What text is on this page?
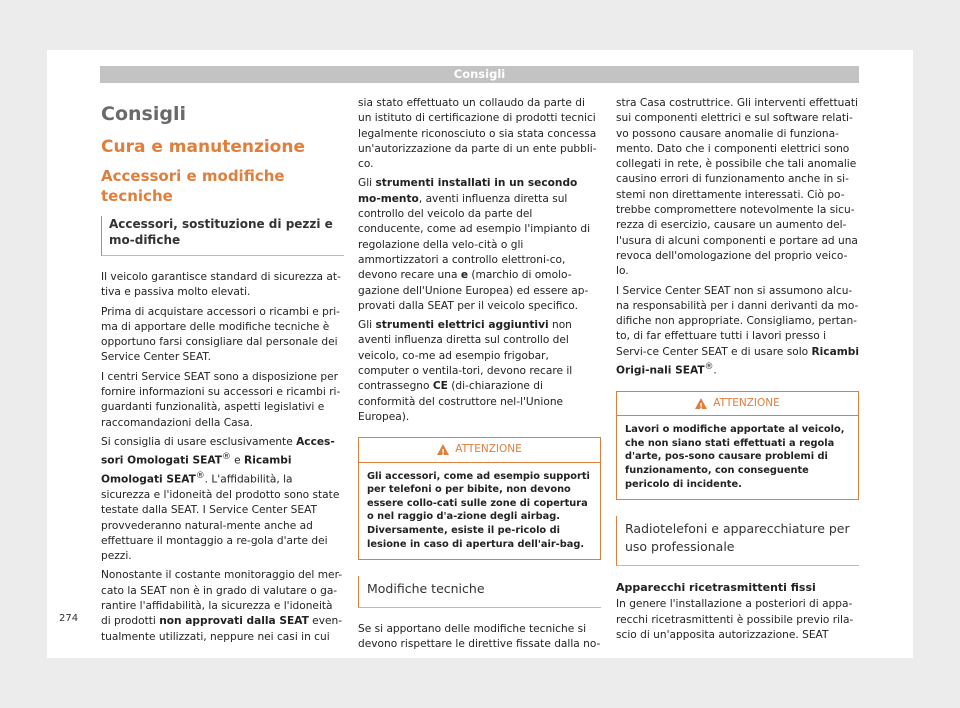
Consigli
Consigli
Cura e manutenzione
Accessori e modifiche tecniche
Accessori, sostituzione di pezzi e mo-difiche

Il veicolo garantisce standard di sicurezza at-tiva e passiva molto elevati.

Prima di acquistare accessori o ricambi e pri-ma di apportare delle modifiche tecniche è opportuno farsi consigliare dal personale dei Service Center SEAT.

I centri Service SEAT sono a disposizione per fornire informazioni su accessori e ricambi ri-guardanti funzionalità, aspetti legislativi e raccomandazioni della Casa.

Si consiglia di usare esclusivamente Acces-sori Omologati SEAT® e Ricambi Omologati SEAT®. L'affidabilità, la sicurezza e l'idoneità del prodotto sono state testate dalla SEAT. I Service Center SEAT provvederanno natural-mente anche ad effettuare il montaggio a re-gola d'arte dei pezzi.

Nonostante il costante monitoraggio del mer-cato la SEAT non è in grado di valutare o ga-rantire l'affidabilità, la sicurezza e l'idoneità di prodotti non approvati dalla SEAT even-tualmente utilizzati, neppure nei casi in cui

sia stato effettuato un collaudo da parte di un istituto di certificazione di prodotti tecnici legalmente riconosciuto o sia stata concessa un'autorizzazione da parte di un ente pubbli-co.

Gli strumenti installati in un secondo mo-mento, aventi influenza diretta sul controllo del veicolo da parte del conducente, come ad esempio l'impianto di regolazione della velo-cità o gli ammortizzatori a controllo elettroni-co, devono recare una e (marchio di omolo-gazione dell'Unione Europea) ed essere ap-provati dalla SEAT per il veicolo specifico.

Gli strumenti elettrici aggiuntivi non aventi influenza diretta sul controllo del veicolo, co-me ad esempio frigobar, computer o ventila-tori, devono recare il contrassegno CE (di-chiarazione di conformità del costruttore nel-l'Unione Europea).

!
ATTENZIONE
Gli accessori, come ad esempio supporti per telefoni o per bibite, non devono essere collo-cati sulle zone di copertura o nel raggio d'a-zione degli airbag. Diversamente, esiste il pe-ricolo di lesione in caso di apertura dell'air-bag.
Modifiche tecniche

Se si apportano delle modifiche tecniche si devono rispettare le direttive fissate dalla no-

stra Casa costruttrice. Gli interventi effettuati sui componenti elettrici e sul software relati-vo possono causare anomalie di funziona-mento. Dato che i componenti elettrici sono collegati in rete, è possibile che tali anomalie causino errori di funzionamento anche in si-stemi non direttamente interessati. Ciò po-trebbe compromettere notevolmente la sicu-rezza di esercizio, causare un aumento del-l'usura di alcuni componenti e portare ad una revoca dell'omologazione del proprio veico-lo.

I Service Center SEAT non si assumono alcu-na responsabilità per i danni derivanti da mo-difiche non appropriate. Consigliamo, pertan-to, di far effettuare tutti i lavori presso i Servi-ce Center SEAT e di usare solo Ricambi Origi-nali SEAT®.

!
ATTENZIONE
Lavori o modifiche apportate al veicolo, che non siano stati effettuati a regola d'arte, pos-sono causare problemi di funzionamento, con conseguente pericolo di incidente.
Radiotelefoni e apparecchiature per uso professionale
Apparecchi ricetrasmittenti fissi

In genere l'installazione a posteriori di appa-recchi ricetrasmittenti è possibile previo rila-scio di un'apposita autorizzazione. SEAT

274
